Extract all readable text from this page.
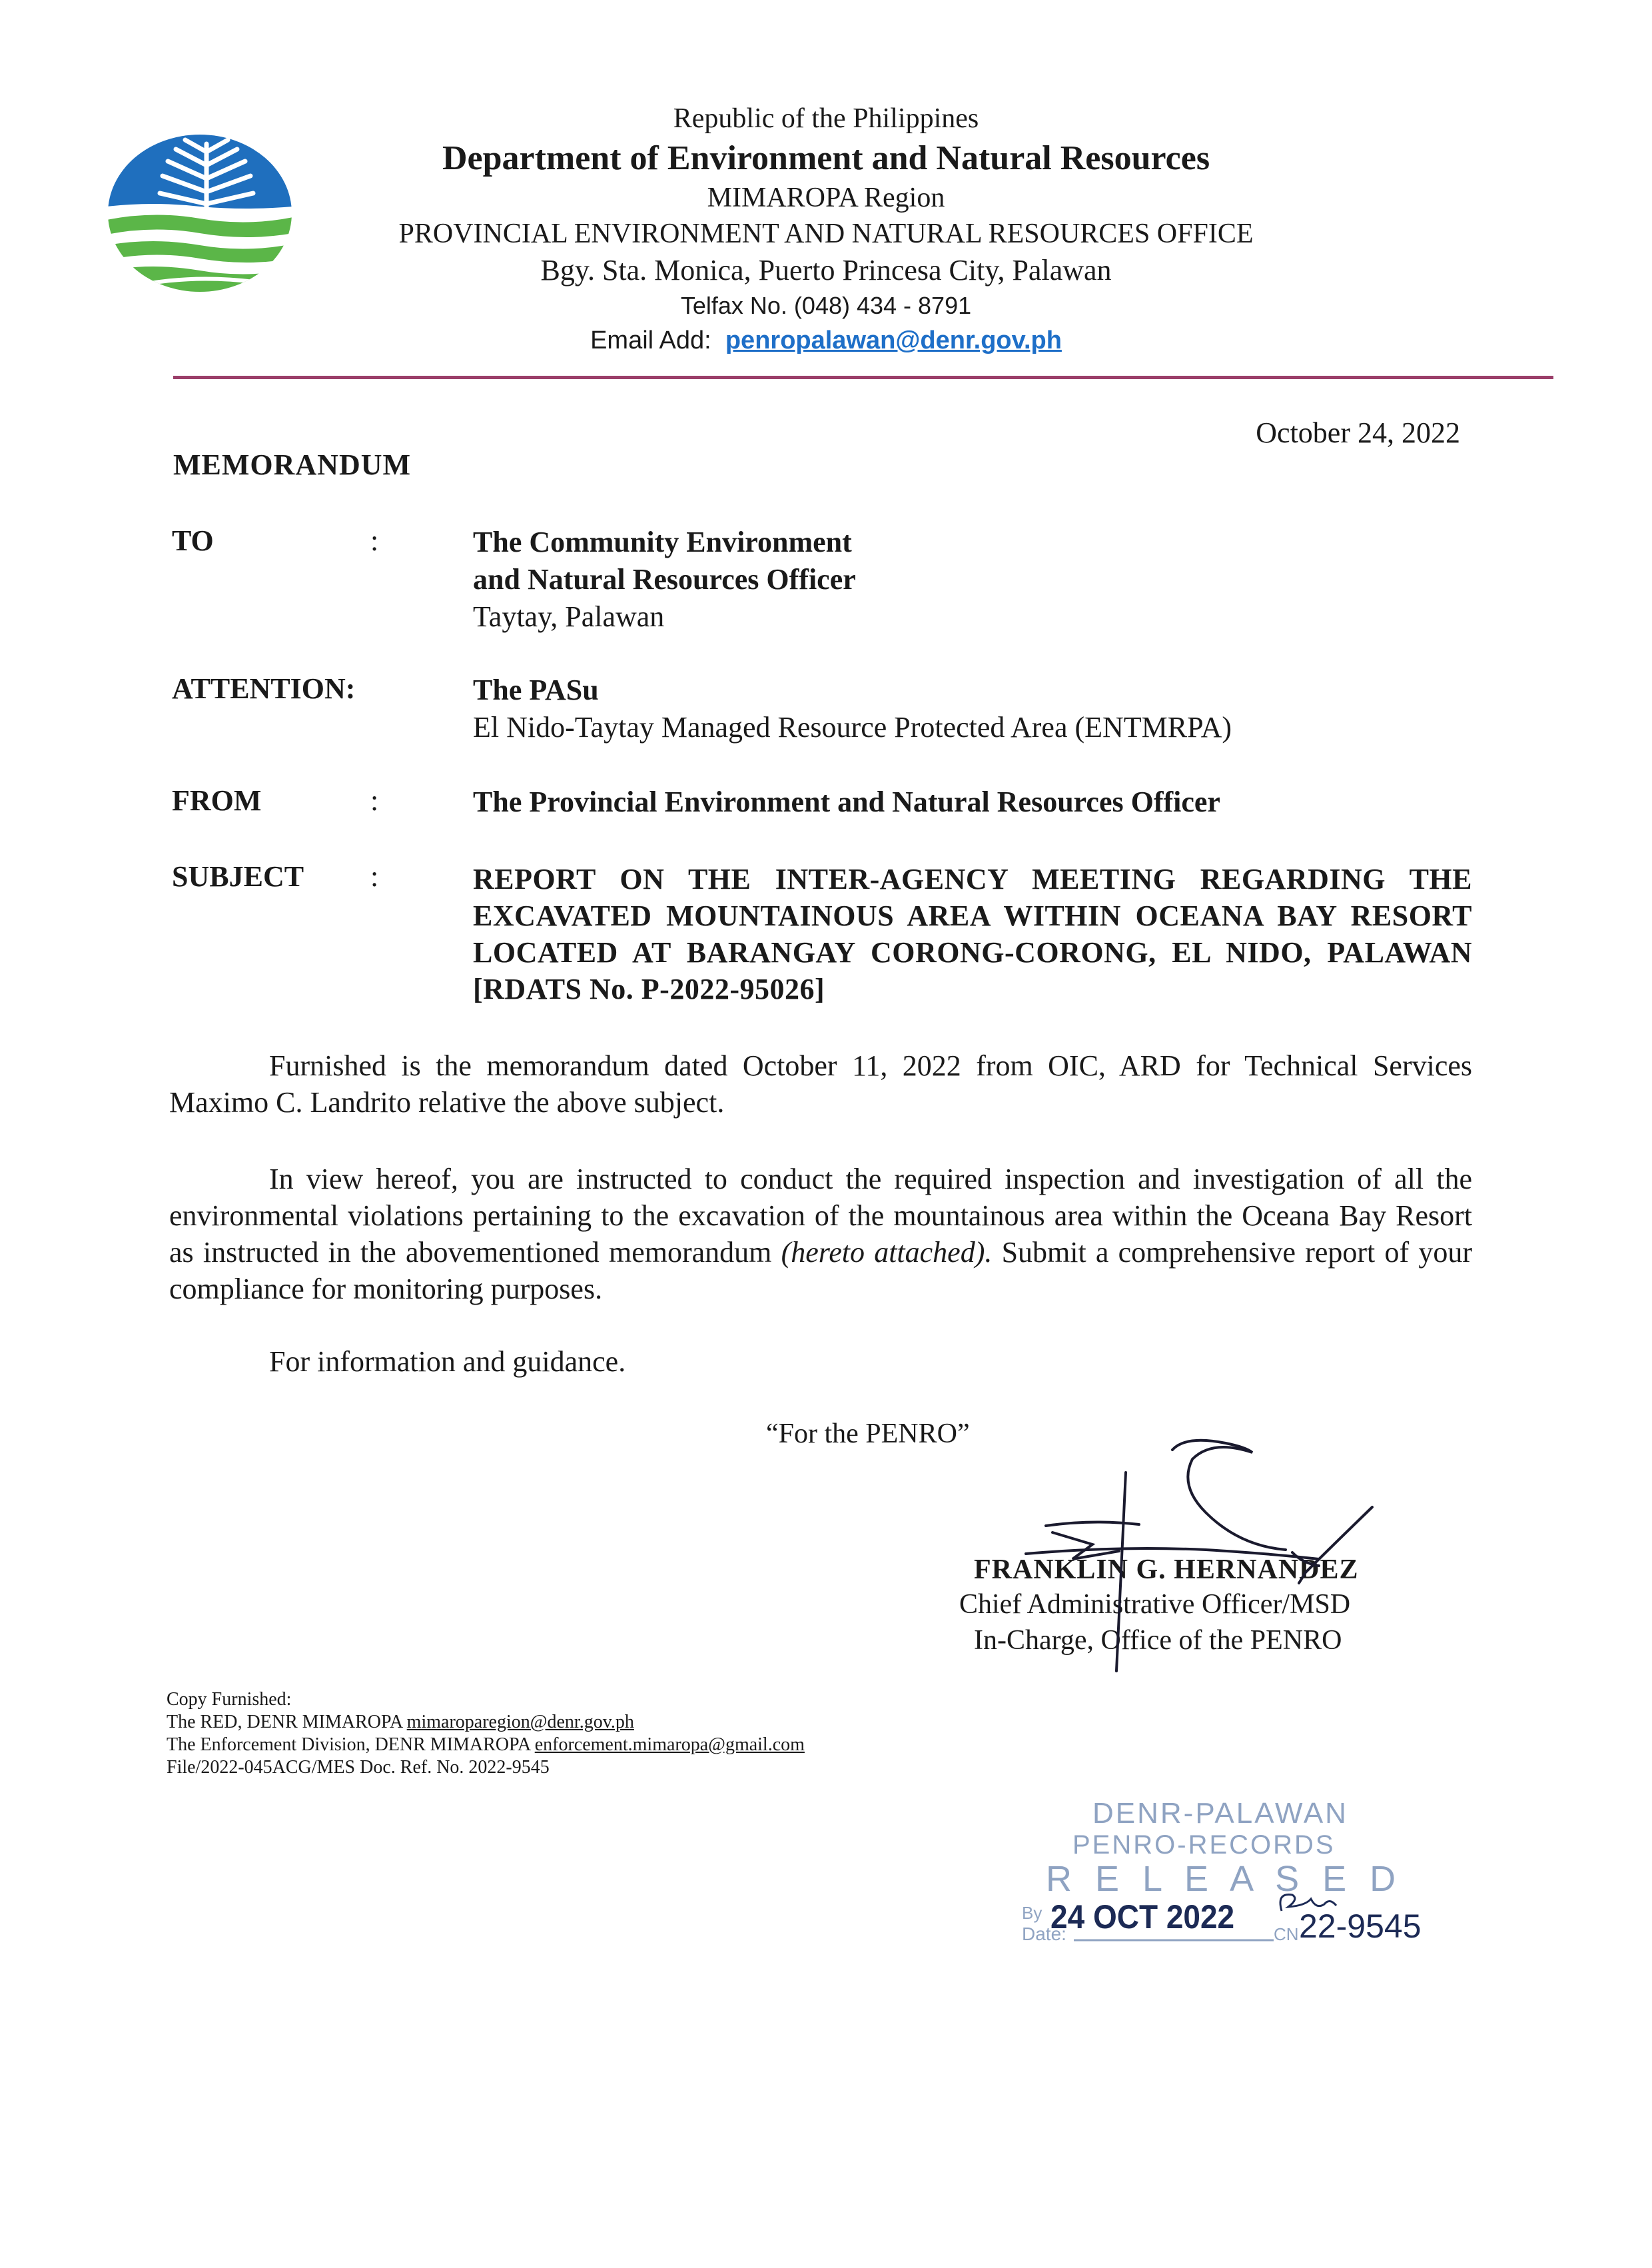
Republic of the Philippines
Department of Environment and Natural Resources
MIMAROPA Region
PROVINCIAL ENVIRONMENT AND NATURAL RESOURCES OFFICE
Bgy. Sta. Monica, Puerto Princesa City, Palawan
Telfax No. (048) 434 - 8791
Email Add: penropalawan@denr.gov.ph
October 24, 2022
MEMORANDUM
TO	:	The Community Environment
and Natural Resources Officer
Taytay, Palawan
ATTENTION:	The PASu
El Nido-Taytay Managed Resource Protected Area (ENTMRPA)
FROM	:	The Provincial Environment and Natural Resources Officer
SUBJECT :	REPORT ON THE INTER-AGENCY MEETING REGARDING THE EXCAVATED MOUNTAINOUS AREA WITHIN OCEANA BAY RESORT LOCATED AT BARANGAY CORONG-CORONG, EL NIDO, PALAWAN [RDATS No. P-2022-95026]
Furnished is the memorandum dated October 11, 2022 from OIC, ARD for Technical Services Maximo C. Landrito relative the above subject.
In view hereof, you are instructed to conduct the required inspection and investigation of all the environmental violations pertaining to the excavation of the mountainous area within the Oceana Bay Resort as instructed in the abovementioned memorandum (hereto attached). Submit a comprehensive report of your compliance for monitoring purposes.
For information and guidance.
“For the PENRO”
FRANKLIN G. HERNANDEZ
Chief Administrative Officer/MSD
In-Charge, Office of the PENRO
Copy Furnished:
The RED, DENR MIMAROPA mimaroparegion@denr.gov.ph
The Enforcement Division, DENR MIMAROPA enforcement.mimaropa@gmail.com
File/2022-045ACG/MES Doc. Ref. No. 2022-9545
DENR-PALAWAN
PENRO-RECORDS
R E L E A S E D
By
Date:	CN
24 OCT 2022 22-9545
